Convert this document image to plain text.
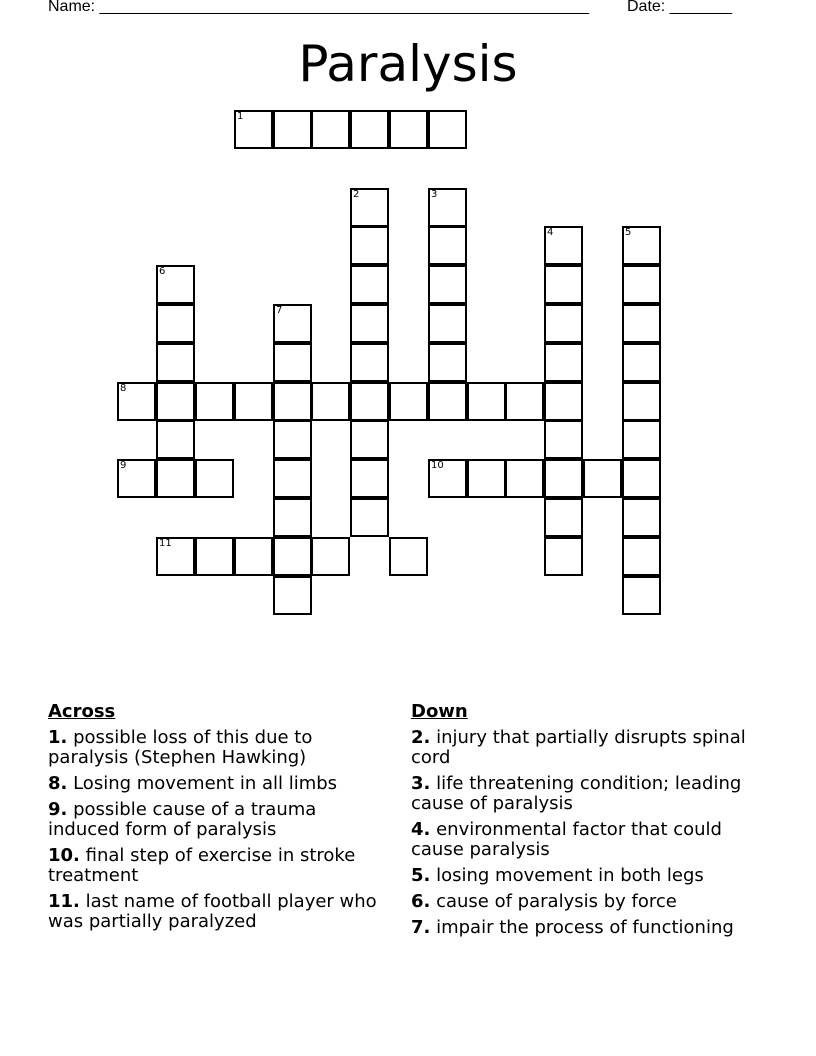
Name: _______________________________________________________ Date: _______
Paralysis
1
2	3
4	5
6
7
8
9	10
11
Across
1. possible loss of this due to paralysis (Stephen Hawking)
8. Losing movement in all limbs
9. possible cause of a trauma induced form of paralysis
10. final step of exercise in stroke treatment
11. last name of football player who was partially paralyzed
Down
2. injury that partially disrupts spinal cord
3. life threatening condition; leading cause of paralysis
4. environmental factor that could cause paralysis
5. losing movement in both legs
6. cause of paralysis by force
7. impair the process of functioning
